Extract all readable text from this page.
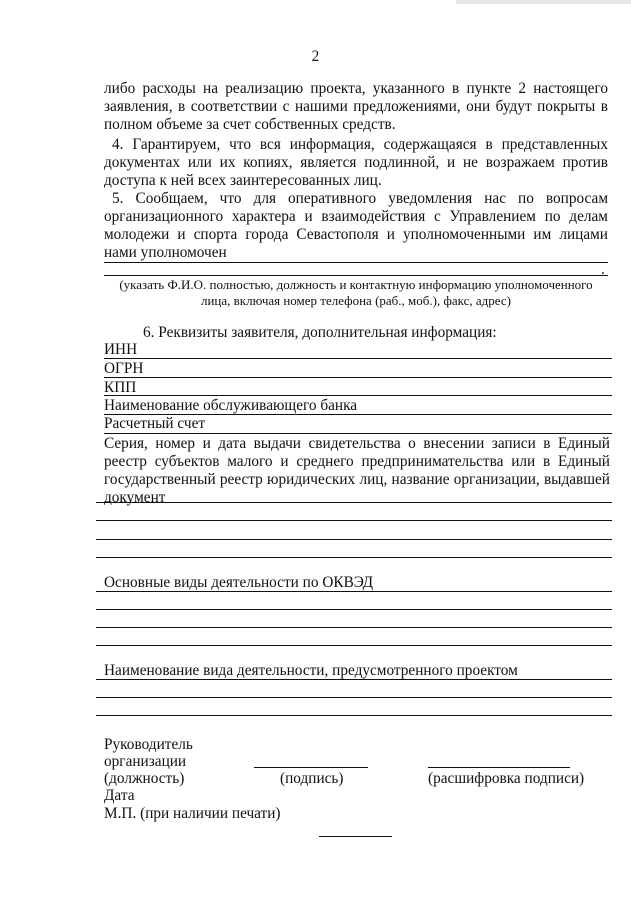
2
либо расходы на реализацию проекта, указанного в пункте 2 настоящего заявления, в соответствии с нашими предложениями, они будут покрыты в полном объеме за счет собственных средств.
4. Гарантируем, что вся информация, содержащаяся в представленных документах или их копиях, является подлинной, и не возражаем против доступа к ней всех заинтересованных лиц.
5. Сообщаем, что для оперативного уведомления нас по вопросам организационного характера и взаимодействия с Управлением по делам молодежи и спорта города Севастополя и уполномоченными им лицами нами уполномочен
.
(указать Ф.И.О. полностью, должность и контактную информацию уполномоченного лица, включая номер телефона (раб., моб.), факс, адрес)
6. Реквизиты заявителя, дополнительная информация:
ИНН
ОГРН
КПП
Наименование обслуживающего банка
Расчетный счет
Серия, номер и дата выдачи свидетельства о внесении записи в Единый реестр субъектов малого и среднего предпринимательства или в Единый государственный реестр юридических лиц, название организации, выдавшей документ
Основные виды деятельности по ОКВЭД
Наименование вида деятельности, предусмотренного проектом
Руководитель
организации
(должность)	(подпись)	(расшифровка подписи)
Дата
М.П. (при наличии печати)
